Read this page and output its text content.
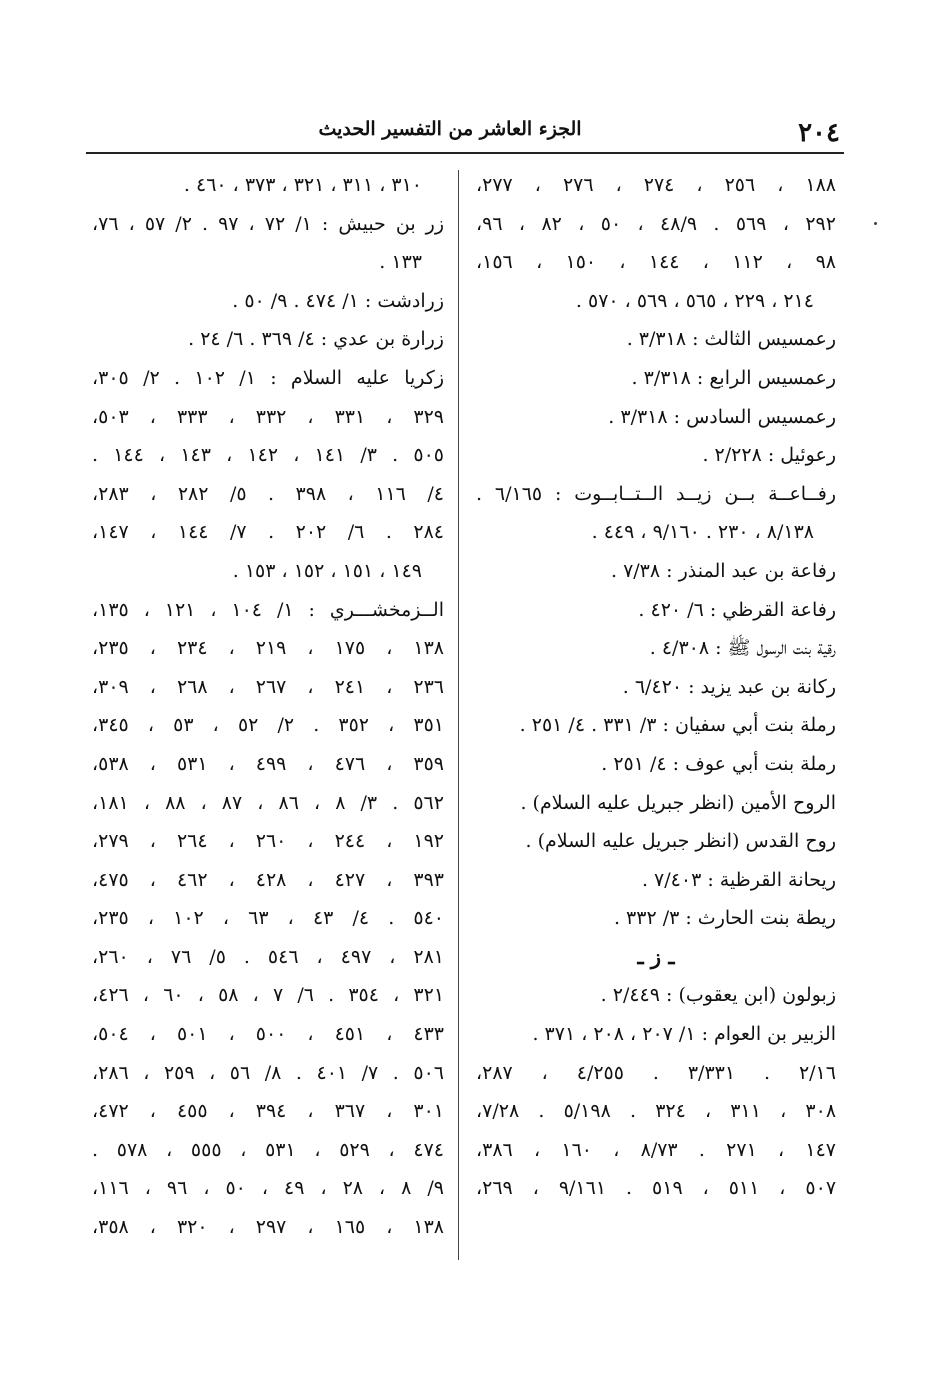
٢٠٤
الجزء العاشر من التفسير الحديث
١٨٨ ، ٢٥٦ ، ٢٧٤ ، ٢٧٦ ، ٢٧٧،
٢٩٢ ، ٥٦٩ . ٤٨/٩ ، ٥٠ ، ٨٢ ، ٩٦،
٩٨ ، ١١٢ ، ١٤٤ ، ١٥٠ ، ١٥٦،
٢١٤ ، ٢٢٩ ، ٥٦٥ ، ٥٦٩ ، ٥٧٠ .
رعمسيس الثالث : ٣/٣١٨ .
رعمسيس الرابع : ٣/٣١٨ .
رعمسيس السادس : ٣/٣١٨ .
رعوئيل : ٢/٢٢٨ .
رفــاعــة بــن زيــد الــتــابــوت : ٦/١٦٥ .
٨/١٣٨ ، ٢٣٠ . ٩/١٦٠ ، ٤٤٩ .
رفاعة بن عبد المنذر : ٧/٣٨ .
رفاعة القرظي : ٦/ ٤٢٠ .
رقية بنت الرسول ﷺ : ٤/٣٠٨ .
ركانة بن عبد يزيد : ٦/٤٢٠ .
رملة بنت أبي سفيان : ٣/ ٣٣١ . ٤/ ٢٥١ .
رملة بنت أبي عوف : ٤/ ٢٥١ .
الروح الأمين (انظر جبريل عليه السلام) .
روح القدس (انظر جبريل عليه السلام) .
ريحانة القرظية : ٧/٤٠٣ .
ريطة بنت الحارث : ٣/ ٣٣٢ .
ـ ز ـ
زبولون (ابن يعقوب) : ٢/٤٤٩ .
الزبير بن العوام : ١/ ٢٠٧ ، ٢٠٨ ، ٣٧١ .
٢/١٦ . ٣/٣٣١ . ٤/٢٥٥ ، ٢٨٧،
٣٠٨ ، ٣١١ ، ٣٢٤ . ٥/١٩٨ . ٧/٢٨،
١٤٧ ، ٢٧١ . ٨/٧٣ ، ١٦٠ ، ٣٨٦،
٥٠٧ ، ٥١١ ، ٥١٩ . ٩/١٦١ ، ٢٦٩،
٣١٠ ، ٣١١ ، ٣٢١ ، ٣٧٣ ، ٤٦٠ .
زر بن حبيش : ١/ ٧٢ ، ٩٧ . ٢/ ٥٧ ، ٧٦،
١٣٣ .
زرادشت : ١/ ٤٧٤ . ٩/ ٥٠ .
زرارة بن عدي : ٤/ ٣٦٩ . ٦/ ٢٤ .
زكريا عليه السلام : ١/ ١٠٢ . ٢/ ٣٠٥،
٣٢٩ ، ٣٣١ ، ٣٣٢ ، ٣٣٣ ، ٥٠٣،
٥٠٥ . ٣/ ١٤١ ، ١٤٢ ، ١٤٣ ، ١٤٤ .
٤/ ١١٦ ، ٣٩٨ . ٥/ ٢٨٢ ، ٢٨٣،
٢٨٤ . ٦/ ٢٠٢ . ٧/ ١٤٤ ، ١٤٧،
١٤٩ ، ١٥١ ، ١٥٢ ، ١٥٣ .
الــزمخشـــري : ١/ ١٠٤ ، ١٢١ ، ١٣٥،
١٣٨ ، ١٧٥ ، ٢١٩ ، ٢٣٤ ، ٢٣٥،
٢٣٦ ، ٢٤١ ، ٢٦٧ ، ٢٦٨ ، ٣٠٩،
٣٥١ ، ٣٥٢ . ٢/ ٥٢ ، ٥٣ ، ٣٤٥،
٣٥٩ ، ٤٧٦ ، ٤٩٩ ، ٥٣١ ، ٥٣٨،
٥٦٢ . ٣/ ٨ ، ٨٦ ، ٨٧ ، ٨٨ ، ١٨١،
١٩٢ ، ٢٤٤ ، ٢٦٠ ، ٢٦٤ ، ٢٧٩،
٣٩٣ ، ٤٢٧ ، ٤٢٨ ، ٤٦٢ ، ٤٧٥،
٥٤٠ . ٤/ ٤٣ ، ٦٣ ، ١٠٢ ، ٢٣٥،
٢٨١ ، ٤٩٧ ، ٥٤٦ . ٥/ ٧٦ ، ٢٦٠،
٣٢١ ، ٣٥٤ . ٦/ ٧ ، ٥٨ ، ٦٠ ، ٤٢٦،
٤٣٣ ، ٤٥١ ، ٥٠٠ ، ٥٠١ ، ٥٠٤،
٥٠٦ . ٧/ ٤٠١ . ٨/ ٥٦ ، ٢٥٩ ، ٢٨٦،
٣٠١ ، ٣٦٧ ، ٣٩٤ ، ٤٥٥ ، ٤٧٢،
٤٧٤ ، ٥٢٩ ، ٥٣١ ، ٥٥٥ ، ٥٧٨ .
٩/ ٨ ، ٢٨ ، ٤٩ ، ٥٠ ، ٩٦ ، ١١٦،
١٣٨ ، ١٦٥ ، ٢٩٧ ، ٣٢٠ ، ٣٥٨،
